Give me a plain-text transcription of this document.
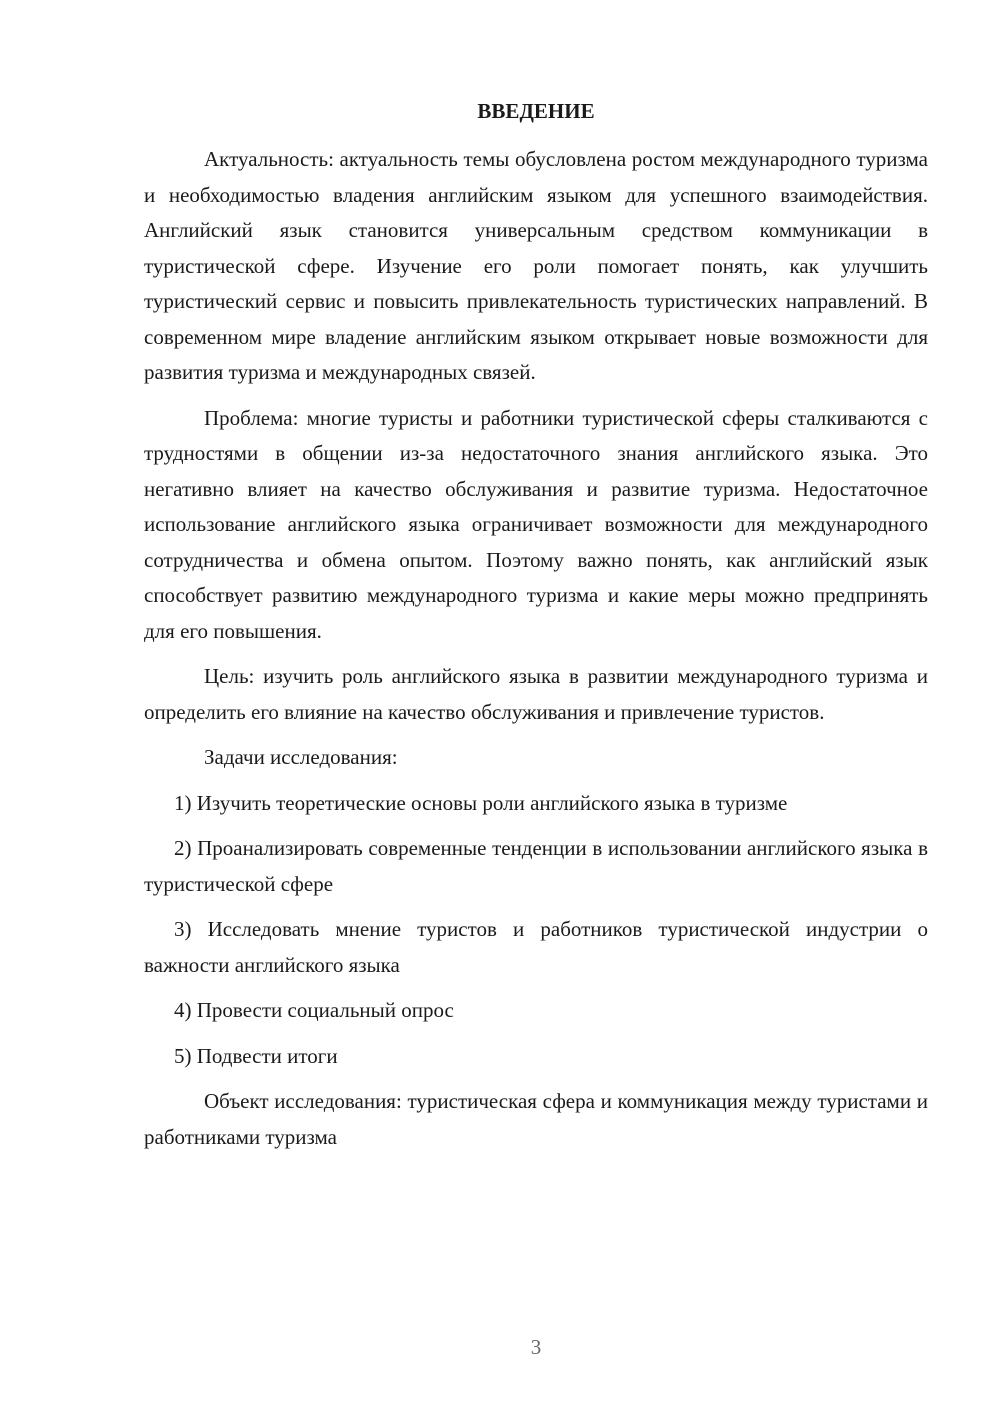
ВВЕДЕНИЕ

Актуальность: актуальность темы обусловлена ростом международного туризма и необходимостью владения английским языком для успешного взаимодействия. Английский язык становится универсальным средством коммуникации в туристической сфере. Изучение его роли помогает понять, как улучшить туристический сервис и повысить привлекательность туристических направлений. В современном мире владение английским языком открывает новые возможности для развития туризма и международных связей.

Проблема: многие туристы и работники туристической сферы сталкиваются с трудностями в общении из-за недостаточного знания английского языка. Это негативно влияет на качество обслуживания и развитие туризма. Недостаточное использование английского языка ограничивает возможности для международного сотрудничества и обмена опытом. Поэтому важно понять, как английский язык способствует развитию международного туризма и какие меры можно предпринять для его повышения.

Цель: изучить роль английского языка в развитии международного туризма и определить его влияние на качество обслуживания и привлечение туристов.

Задачи исследования:

1) Изучить теоретические основы роли английского языка в туризме

2) Проанализировать современные тенденции в использовании английского языка в туристической сфере

3) Исследовать мнение туристов и работников туристической индустрии о важности английского языка

4) Провести социальный опрос

5) Подвести итоги

Объект исследования: туристическая сфера и коммуникация между туристами и работниками туризма

3
